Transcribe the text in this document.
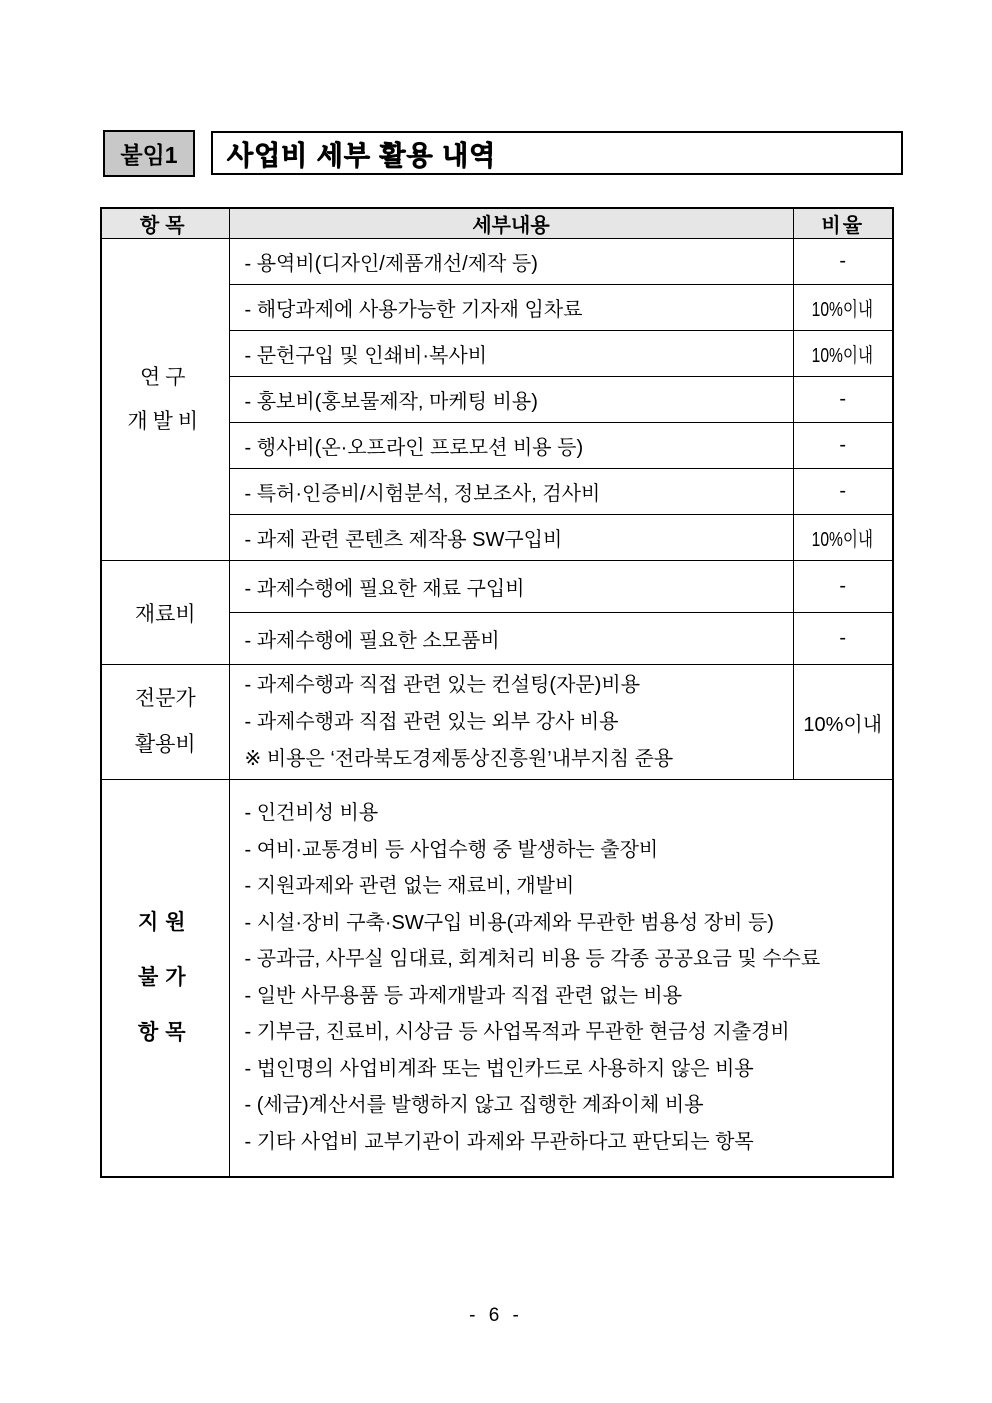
붙임1 사업비 세부 활용 내역
항목	세부내용	비율

연구
개발비	- 용역비(디자인/제품개선/제작 등)	-
	- 해당과제에 사용가능한 기자재 임차료	10%이내
	- 문헌구입 및 인쇄비·복사비	10%이내
	- 홍보비(홍보물제작, 마케팅 비용)	-
	- 행사비(온·오프라인 프로모션 비용 등)	-
	- 특허·인증비/시험분석, 정보조사, 검사비	-
	- 과제 관련 콘텐츠 제작용 SW구입비	10%이내

재료비	- 과제수행에 필요한 재료 구입비	-
	- 과제수행에 필요한 소모품비	-

전문가
활용비	- 과제수행과 직접 관련 있는 컨설팅(자문)비용
- 과제수행과 직접 관련 있는 외부 강사 비용
※ 비용은 ‘전라북도경제통상진흥원’내부지침 준용	10%이내

지원
불가
항목

- 인건비성 비용
- 여비·교통경비 등 사업수행 중 발생하는 출장비
- 지원과제와 관련 없는 재료비, 개발비
- 시설·장비 구축·SW구입 비용(과제와 무관한 범용성 장비 등)
- 공과금, 사무실 임대료, 회계처리 비용 등 각종 공공요금 및 수수료
- 일반 사무용품 등 과제개발과 직접 관련 없는 비용
- 기부금, 진료비, 시상금 등 사업목적과 무관한 현금성 지출경비
- 법인명의 사업비계좌 또는 법인카드로 사용하지 않은 비용
- (세금)계산서를 발행하지 않고 집행한 계좌이체 비용
- 기타 사업비 교부기관이 과제와 무관하다고 판단되는 항목
- 6 -
